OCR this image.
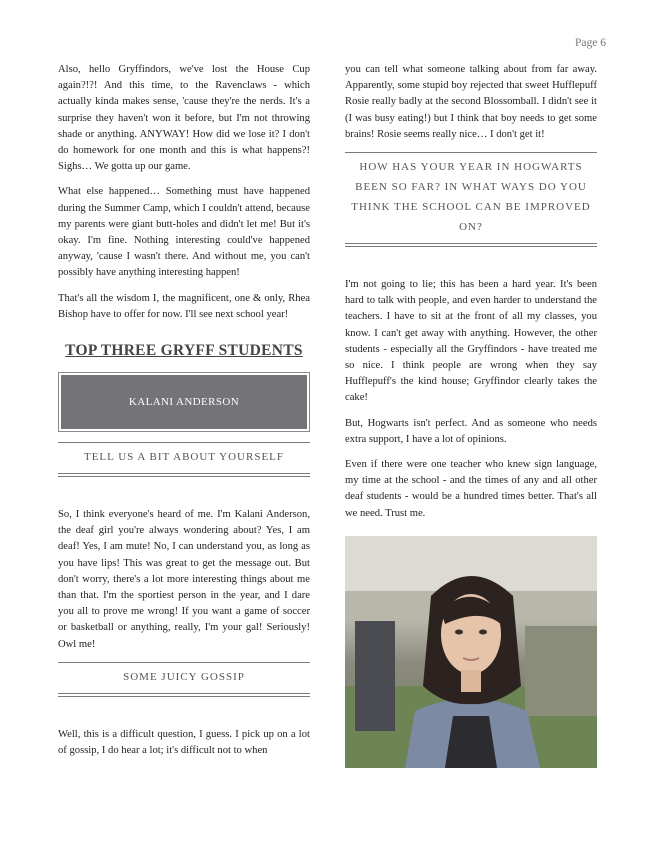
Page 6

Also, hello Gryffindors, we've lost the House Cup again?!?! And this time, to the Ravenclaws - which actually kinda makes sense, 'cause they're the nerds. It's a surprise they haven't won it before, but I'm not throwing shade or anything. ANYWAY! How did we lose it? I don't do homework for one month and this is what happens?! Sighs… We gotta up our game.

What else happened… Something must have happened during the Summer Camp, which I couldn't attend, because my parents were giant butt-holes and didn't let me! But it's okay. I'm fine. Nothing interesting could've happened anyway, 'cause I wasn't there. And without me, you can't possibly have anything interesting happen!

That's all the wisdom I, the magnificent, one & only, Rhea Bishop have to offer for now. I'll see next school year!

TOP THREE GRYFF STUDENTS
KALANI ANDERSON
TELL US A BIT ABOUT YOURSELF

So, I think everyone's heard of me. I'm Kalani Anderson, the deaf girl you're always wondering about? Yes, I am deaf! Yes, I am mute! No, I can understand you, as long as you have lips! This was great to get the message out. But don't worry, there's a lot more interesting things about me than that. I'm the sportiest person in the year, and I dare you all to prove me wrong! If you want a game of soccer or basketball or anything, really, I'm your gal! Seriously! Owl me!

SOME JUICY GOSSIP

Well, this is a difficult question, I guess. I pick up on a lot of gossip, I do hear a lot; it's difficult not to when

you can tell what someone talking about from far away. Apparently, some stupid boy rejected that sweet Hufflepuff Rosie really badly at the second Blossomball. I didn't see it (I was busy eating!) but I think that boy needs to get some brains! Rosie seems really nice… I don't get it!

HOW HAS YOUR YEAR IN HOGWARTS BEEN SO FAR? IN WHAT WAYS DO YOU THINK THE SCHOOL CAN BE IMPROVED ON?

I'm not going to lie; this has been a hard year. It's been hard to talk with people, and even harder to understand the teachers. I have to sit at the front of all my classes, you know. I can't get away with anything. However, the other students - especially all the Gryffindors - have treated me so nice. I think people are wrong when they say Hufflepuff's the kind house; Gryffindor clearly takes the cake!

But, Hogwarts isn't perfect. And as someone who needs extra support, I have a lot of opinions.

Even if there were one teacher who knew sign language, my time at the school - and the times of any and all other deaf students - would be a hundred times better. That's all we need. Trust me.
